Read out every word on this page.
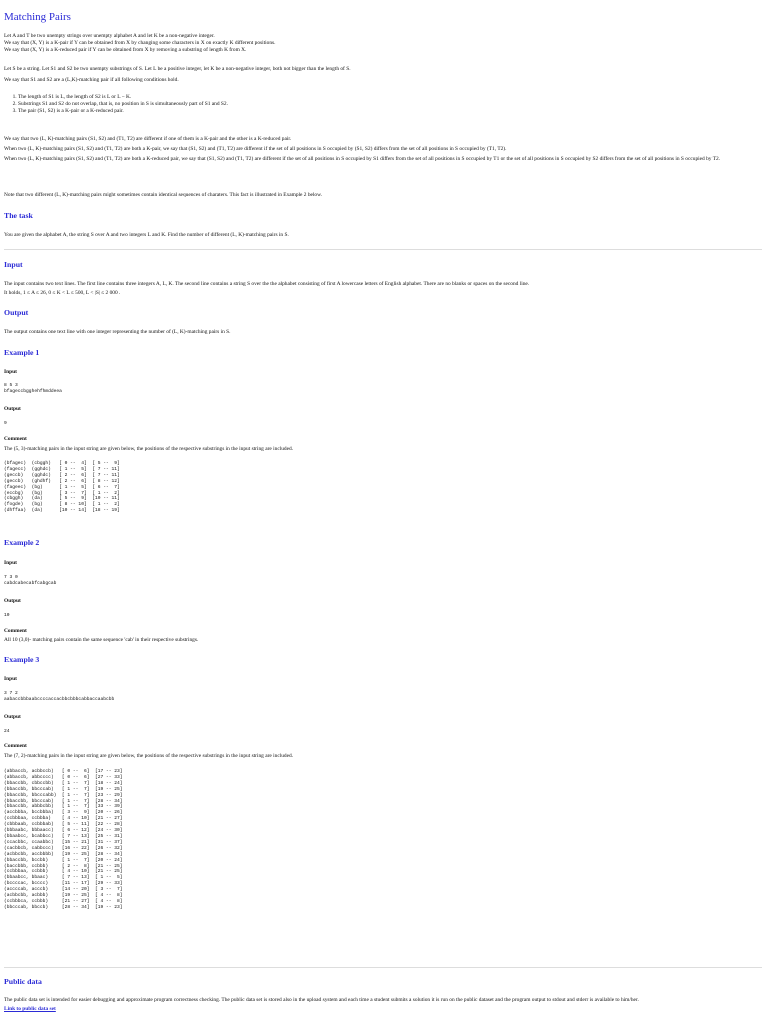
Matching Pairs
Let A and T be two unempty strings over unempty alphabet A and let K be a non-negative integer.
We say that (X, Y) is a K-pair if Y can be obtained from X by changing some characters in X on exactly K different positions.
We say that (X, Y) is a K-reduced pair if Y can be obtained from X by removing a substring of length K from X.
Let S be a string. Let S1 and S2 be two unempty substrings of S. Let L be a positive integer, let K be a non-negative integer, both not bigger than the length of S.
We say that S1 and S2 are a (L,K)-matching pair if all following conditions hold.
1. The length of S1 is L, the length of S2 is L or L − K.
2. Substrings S1 and S2 do not overlap, that is, no position in S is simultaneously part of S1 and S2.
3. The pair (S1, S2) is a K-pair or a K-reduced pair.
We say that two (L, K)-matching pairs (S1, S2) and (T1, T2) are different if one of them is a K-pair and the other is a K-reduced pair.
When two (L, K)-matching pairs (S1, S2) and (T1, T2) are both a K-pair, we say that (S1, S2) and (T1, T2) are different if the set of all positions in S occupied by (S1, S2) differs from the set of all positions in S occupied by (T1, T2).
When two (L, K)-matching pairs (S1, S2) and (T1, T2) are both a K-reduced pair, we say that (S1, S2) and (T1, T2) are different if the set of all positions in S occupied by S1 differs from the set of all positions in S occupied by T1 or the set of all positions in S occupied by S2 differs from the set of all positions in S occupied by T2.
Note that two different (L, K)-matching pairs might sometimes contain identical sequences of charaters. This fact is illustrated in Example 2 below.
The task
You are given the alphabet A, the string S over A and two integers L and K. Find the number of different (L, K)-matching pairs in S.
Input
The input contains two text lines. The first line contains three integers A, L, K. The second line contains a string S over the the alphabet consisting of first A lowercase letters of English alphabet. There are no blanks or spaces on the second line.
It holds, 1 ≤ A ≤ 26, 0 ≤ K < L ≤ 500, L < |S| ≤ 2 000 .
Output
The output contains one text line with one integer representing the number of (L, K)-matching pairs in S.
Example 1
Input
8 5 3
bfageccbgghehfhmddeea
Output
9
Comment
The (5, 3)-matching pairs in the input string are given below, the positions of the respective substrings in the input string are included.
(bfagec)  (cbggh)   [ 0 --  4]  [ 5 --  9]
(fagecc)  (gghdc)   [ 1 --  5]  [ 7 -- 11]
(geccb)   (gghdc)   [ 2 --  6]  [ 7 -- 11]
(geccb)   (ghdhf)   [ 2 --  6]  [ 8 -- 12]
(fageec)  (bg)      [ 1 --  5]  [ 6 --  7]
(eccbg)   (bg)      [ 3 --  7]  [ 1 --  2]
(cbggh)   (da)      [ 5 --  9]  [10 -- 11]
(fogde)   (bg)      [ 8 -- 10]  [ 1 --  2]
(dhffaa)  (da)      [10 -- 14]  [18 -- 19]
Example 2
Input
7 3 0
cabdcabecabfcabgcab
Output
10
Comment
All 10 (3,0)- matching pairs contain the same sequence 'cab' in their respective substrings.
Example 3
Input
3 7 2
aabaccbbbaabccccaccacbbcbbbcabbaccaabcbb
Output
24
Comment
The (7, 2)-matching pairs in the input string are given below, the positions of the respective substrings in the input string are included.
(abbaccb, acbbccb)   [ 0 --  6]  [17 -- 23]
(abbaccb, abbcccc)   [ 0 --  6]  [27 -- 33]
(bbaccbb, cbbccbb)   [ 1 --  7]  [18 -- 24]
(bbaccbb, bbcccab)   [ 1 --  7]  [19 -- 25]
(bbaccbb, bbcccabb)  [ 1 --  7]  [23 -- 29]
(bbaccbb, bbcccab)   [ 1 --  7]  [28 -- 34]
(bbaccbb, abbbcbb)   [ 1 --  7]  [33 -- 39]
(accbbba, bccbbba)   [ 3 --  9]  [20 -- 26]
(ccbbbaa, ccbbba)    [ 4 -- 10]  [21 -- 27]
(cbbbaab, ccbbbab)   [ 5 -- 11]  [22 -- 28]
(bbbaabc, bbbaacc)   [ 6 -- 12]  [24 -- 30]
(bbaabcc, bcabbcc)   [ 7 -- 13]  [25 -- 31]
(ccacbbc, ccaabbc)   [15 -- 21]  [31 -- 37]
(cacbbcb, cabbccc)   [16 -- 22]  [26 -- 32]
(acbbcbb, accbbbb)   [19 -- 25]  [28 -- 34]
(bbaccbb, bccbb)     [ 1 --  7]  [20 -- 24]
(baccbbb, ccbbb)     [ 2 --  8]  [21 -- 25]
(ccbbbaa, ccbbb)     [ 4 -- 10]  [21 -- 25]
(bbaabcc, bbaac)     [ 7 -- 13]  [ 1 --  5]
(bccccac, bcccc)     [11 -- 17]  [29 -- 33]
(accccab, acccb)     [14 -- 20]  [ 3 --  7]
(acbbcbb, acbbb)     [19 -- 25]  [ 4 --  8]
(ccbbbca, ccbbb)     [21 -- 27]  [ 4 --  8]
(bbcccab, bbccb)     [28 -- 34]  [19 -- 23]
Public data
The public data set is intended for easier debugging and approximate program correctness checking. The public data set is stored also in the upload system and each time a student submits a solution it is run on the public dataset and the program output to stdout and stderr is available to him/her.
Link to public data set
